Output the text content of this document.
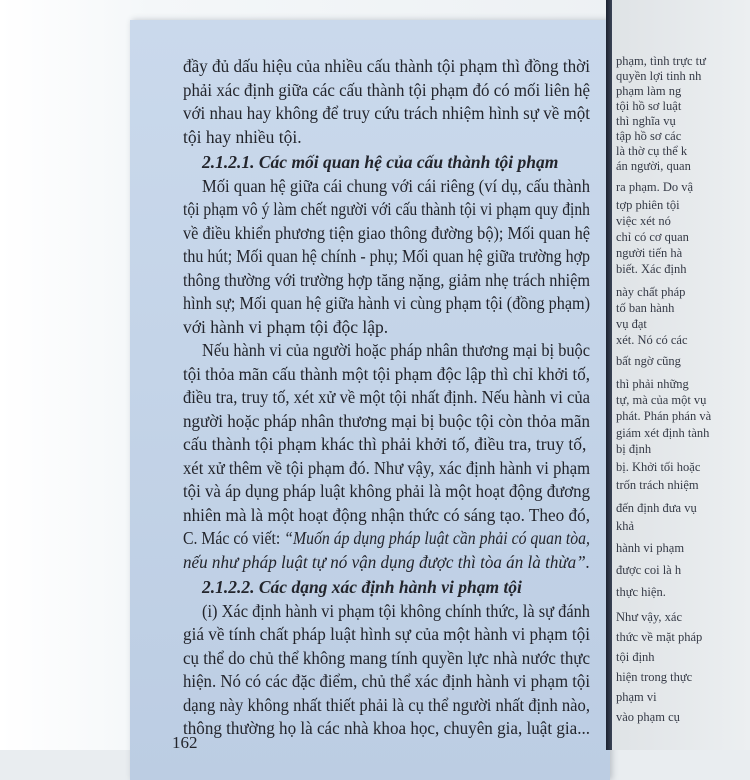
phạm, tình trực tư
quyền lợi tinh nh
phạm làm ng
tội hồ sơ luật
thì nghĩa vụ
tập hồ sơ các
là thờ cụ thể k
án người, quan
ra phạm. Do vậ
tợp phiên tội
việc xét nó
chỉ có cơ quan
người tiến hà
biết. Xác định
này chất pháp
tố ban hành
vụ đạt
xét. Nó có các
bất ngờ cũng
thì phải những
tự, mà của một vụ
phát. Phán phán và
giám xét định tành
bị định
bị. Khởi tối hoặc
trốn trách nhiệm
đến định đưa vụ
khả
hành vi phạm
được coi là h
thực hiện.
Như vậy, xác
thức về mặt pháp
tội định
hiện trong thực
phạm vi
vào phạm cụ
đầy đủ dấu hiệu của nhiều cấu thành tội phạm thì đồng thời
phải xác định giữa các cấu thành tội phạm đó có mối liên hệ
với nhau hay không để truy cứu trách nhiệm hình sự về một
tội hay nhiều tội.
2.1.2.1. Các mối quan hệ của cấu thành tội phạm
Mối quan hệ giữa cái chung với cái riêng (ví dụ, cấu thành
tội phạm vô ý làm chết người với cấu thành tội vi phạm quy định
về điều khiển phương tiện giao thông đường bộ); Mối quan hệ
thu hút; Mối quan hệ chính - phụ; Mối quan hệ giữa trường hợp
thông thường với trường hợp tăng nặng, giảm nhẹ trách nhiệm
hình sự; Mối quan hệ giữa hành vi cùng phạm tội (đồng phạm)
với hành vi phạm tội độc lập.
Nếu hành vi của người hoặc pháp nhân thương mại bị buộc
tội thỏa mãn cấu thành một tội phạm độc lập thì chỉ khởi tố,
điều tra, truy tố, xét xử về một tội nhất định. Nếu hành vi của
người hoặc pháp nhân thương mại bị buộc tội còn thỏa mãn
cấu thành tội phạm khác thì phải khởi tố, điều tra, truy tố,
xét xử thêm về tội phạm đó. Như vậy, xác định hành vi phạm
tội và áp dụng pháp luật không phải là một hoạt động đương
nhiên mà là một hoạt động nhận thức có sáng tạo. Theo đó,
C. Mác có viết: “Muốn áp dụng pháp luật cần phải có quan tòa,
nếu như pháp luật tự nó vận dụng được thì tòa án là thừa”.
2.1.2.2. Các dạng xác định hành vi phạm tội
(i) Xác định hành vi phạm tội không chính thức, là sự đánh
giá về tính chất pháp luật hình sự của một hành vi phạm tội
cụ thể do chủ thể không mang tính quyền lực nhà nước thực
hiện. Nó có các đặc điểm, chủ thể xác định hành vi phạm tội
dạng này không nhất thiết phải là cụ thể người nhất định nào,
thông thường họ là các nhà khoa học, chuyên gia, luật gia...
162
